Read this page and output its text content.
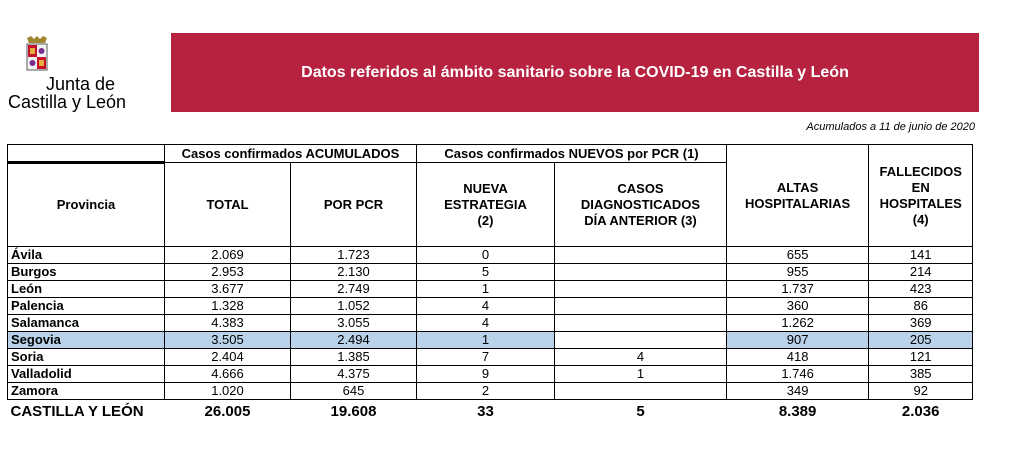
Junta de
Castilla y León
Datos referidos al ámbito sanitario sobre la COVID-19 en Castilla y León
Acumulados a 11 de junio de 2020
	Casos confirmados ACUMULADOS		Casos confirmados NUEVOS por PCR (1)		ALTAS HOSPITALARIAS	FALLECIDOS EN HOSPITALES (4)
Provincia	TOTAL	POR PCR	NUEVA ESTRATEGIA (2)	CASOS DIAGNOSTICADOS DÍA ANTERIOR (3)		
Ávila	2.069	1.723	0		655	141
Burgos	2.953	2.130	5		955	214
León	3.677	2.749	1		1.737	423
Palencia	1.328	1.052	4		360	86
Salamanca	4.383	3.055	4		1.262	369
Segovia	3.505	2.494	1		907	205
Soria	2.404	1.385	7	4	418	121
Valladolid	4.666	4.375	9	1	1.746	385
Zamora	1.020	645	2		349	92
CASTILLA Y LEÓN	26.005	19.608	33	5	8.389	2.036
